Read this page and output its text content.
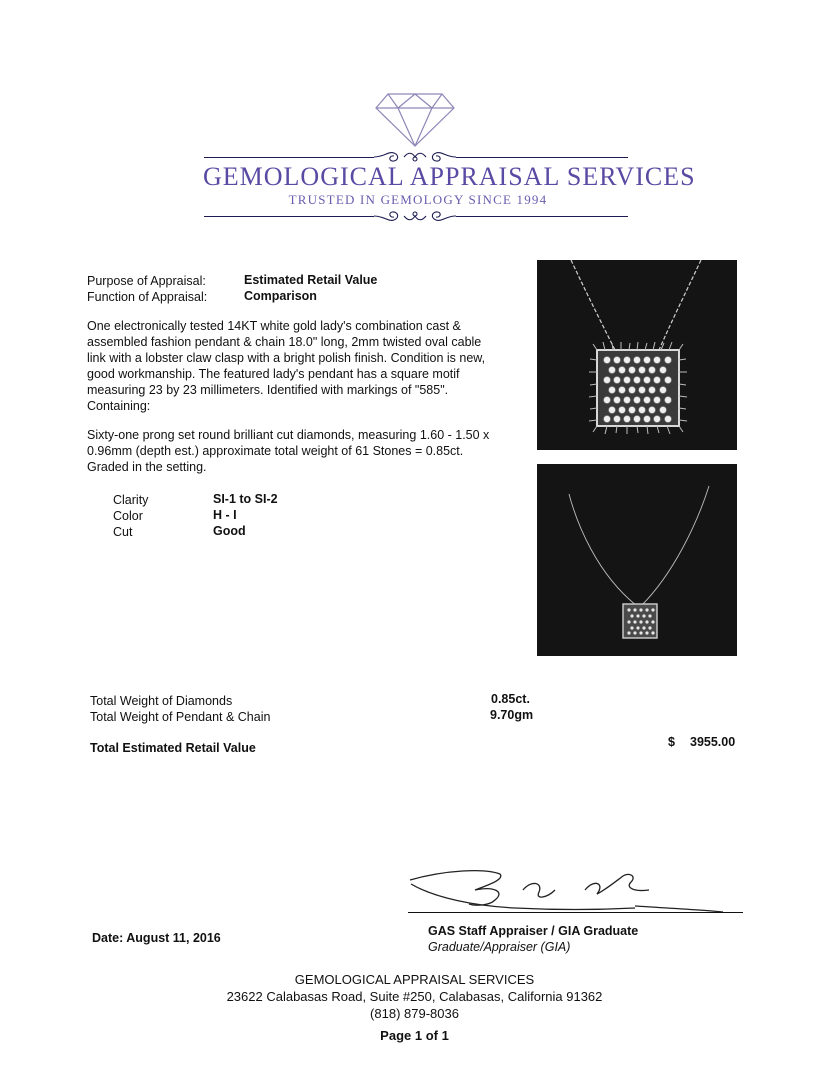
GEMOLOGICAL APPRAISAL SERVICES
TRUSTED IN GEMOLOGY SINCE 1994
Purpose of Appraisal:	Estimated Retail Value
Function of Appraisal:	Comparison

One electronically tested 14KT white gold lady's combination cast & assembled fashion pendant & chain 18.0" long, 2mm twisted oval cable link with a lobster claw clasp with a bright polish finish. Condition is new, good workmanship. The featured lady's pendant has a square motif measuring 23 by 23 millimeters. Identified with markings of "585". Containing:

Sixty-one prong set round brilliant cut diamonds, measuring 1.60 - 1.50 x 0.96mm (depth est.) approximate total weight of 61 Stones = 0.85ct. Graded in the setting.

Clarity	SI-1 to SI-2
Color	H - I
Cut	Good
Total Weight of Diamonds	0.85ct.
Total Weight of Pendant & Chain	9.70gm
Total Estimated Retail Value	$ 3955.00
Date: August 11, 2016	GAS Staff Appraiser / GIA Graduate
Graduate/Appraiser (GIA)
GEMOLOGICAL APPRAISAL SERVICES
23622 Calabasas Road, Suite #250, Calabasas, California 91362
(818) 879-8036
Page 1 of 1
